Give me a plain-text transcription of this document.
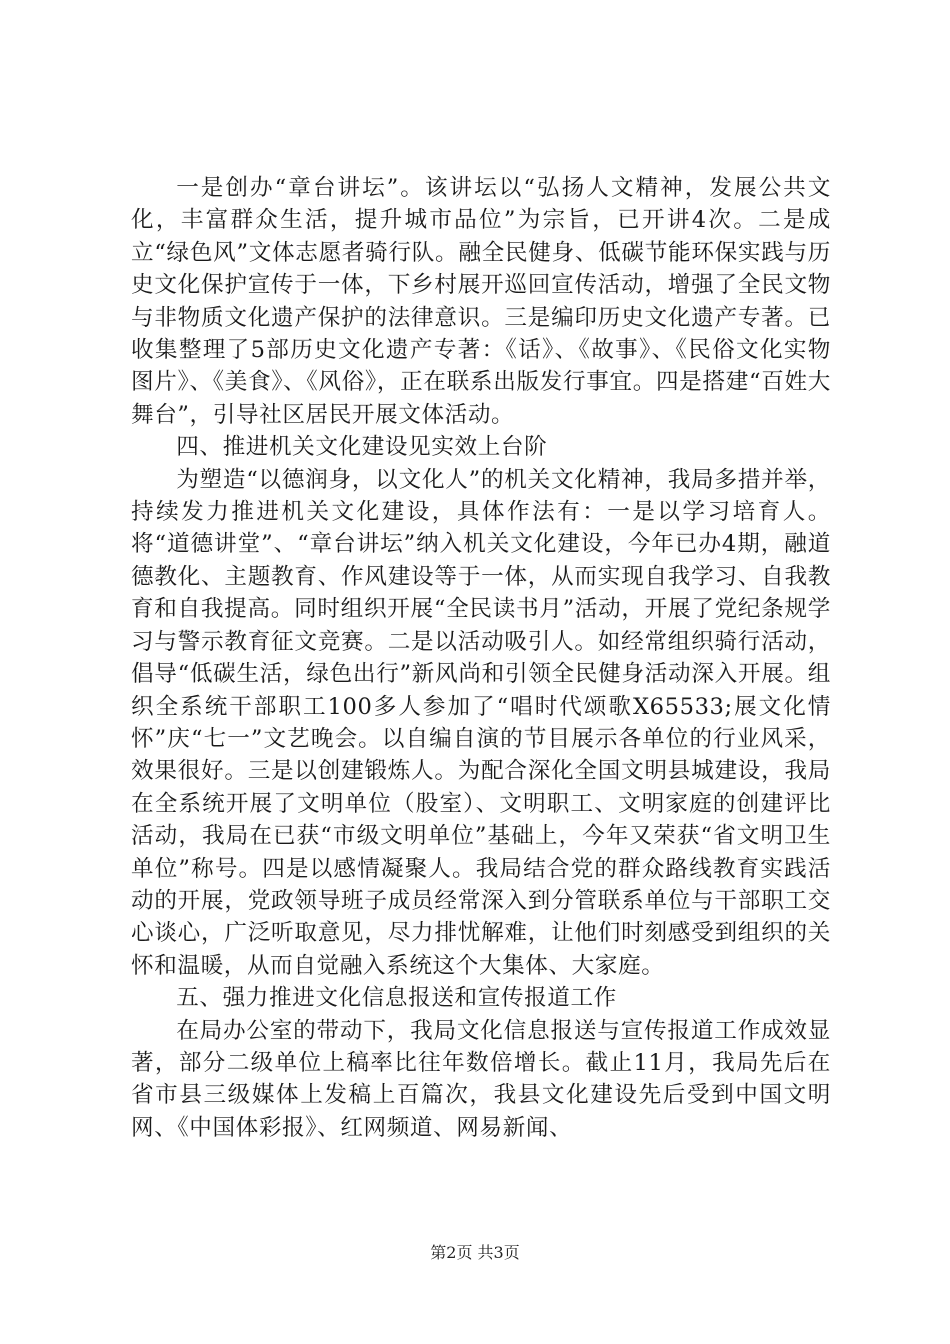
一是创办“章台讲坛”。该讲坛以“弘扬人文精神，发展公共文化，丰富群众生活，提升城市品位”为宗旨，已开讲4次。二是成立“绿色风”文体志愿者骑行队。融全民健身、低碳节能环保实践与历史文化保护宣传于一体，下乡村展开巡回宣传活动，增强了全民文物与非物质文化遗产保护的法律意识。三是编印历史文化遗产专著。已收集整理了5部历史文化遗产专著：《话》、《故事》、《民俗文化实物图片》、《美食》、《风俗》，正在联系出版发行事宜。四是搭建“百姓大舞台”，引导社区居民开展文体活动。

四、推进机关文化建设见实效上台阶

为塑造“以德润身，以文化人”的机关文化精神，我局多措并举，持续发力推进机关文化建设，具体作法有：一是以学习培育人。将“道德讲堂”、“章台讲坛”纳入机关文化建设，今年已办4期，融道德教化、主题教育、作风建设等于一体，从而实现自我学习、自我教育和自我提高。同时组织开展“全民读书月”活动，开展了党纪条规学习与警示教育征文竞赛。二是以活动吸引人。如经常组织骑行活动，倡导“低碳生活，绿色出行”新风尚和引领全民健身活动深入开展。组织全系统干部职工100多人参加了“唱时代颂歌X65533;展文化情怀”庆“七一”文艺晚会。以自编自演的节目展示各单位的行业风采，效果很好。三是以创建锻炼人。为配合深化全国文明县城建设，我局在全系统开展了文明单位（股室）、文明职工、文明家庭的创建评比活动，我局在已获“市级文明单位”基础上，今年又荣获“省文明卫生单位”称号。四是以感情凝聚人。我局结合党的群众路线教育实践活动的开展，党政领导班子成员经常深入到分管联系单位与干部职工交心谈心，广泛听取意见，尽力排忧解难，让他们时刻感受到组织的关怀和温暖，从而自觉融入系统这个大集体、大家庭。

五、强力推进文化信息报送和宣传报道工作

在局办公室的带动下，我局文化信息报送与宣传报道工作成效显著，部分二级单位上稿率比往年数倍增长。截止11月，我局先后在省市县三级媒体上发稿上百篇次，我县文化建设先后受到中国文明网、《中国体彩报》、红网频道、网易新闻、

第2页 共3页
